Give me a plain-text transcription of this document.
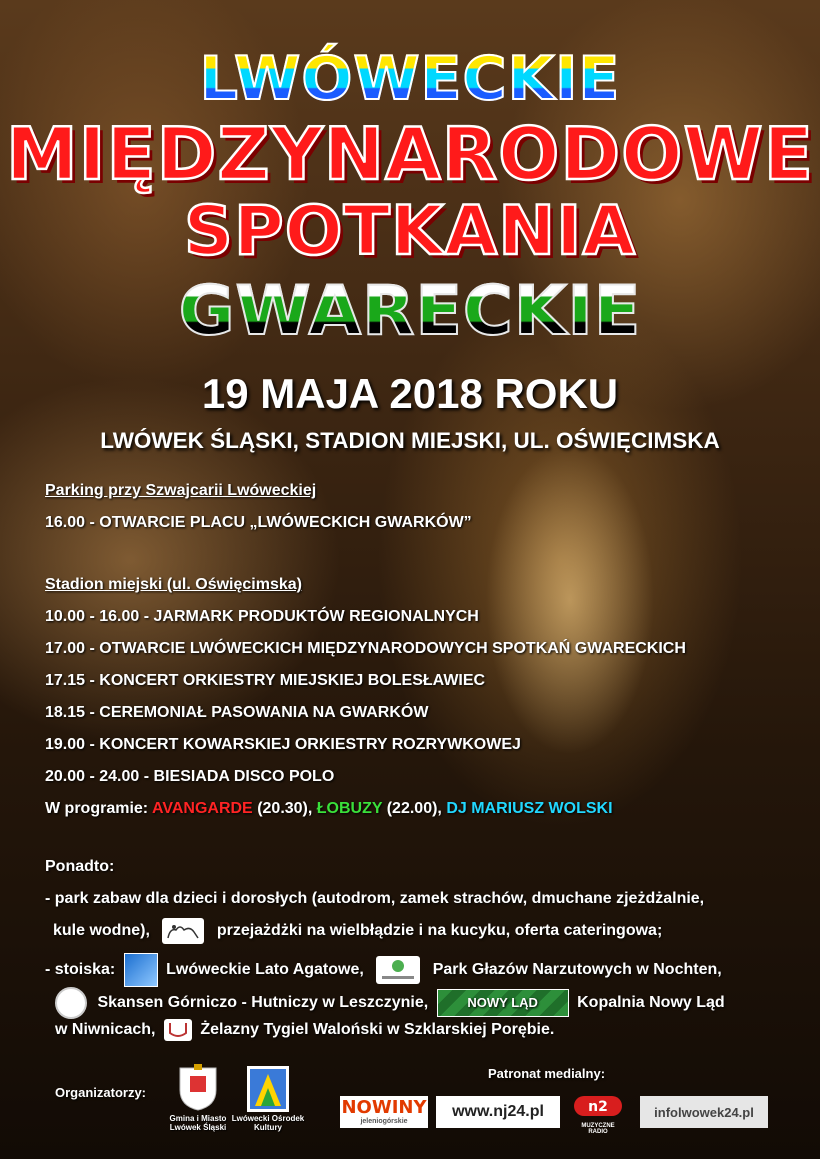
LWÓWECKIE
MIĘDZYNARODOWE
SPOTKANIA
GWARECKIE
19 MAJA 2018 ROKU
LWÓWEK ŚLĄSKI, STADION MIEJSKI, UL. OŚWIĘCIMSKA
Parking przy Szwajcarii Lwóweckiej
16.00 - OTWARCIE PLACU „LWÓWECKICH GWARKÓW”
Stadion miejski (ul. Oświęcimska)
10.00 - 16.00 - JARMARK PRODUKTÓW REGIONALNYCH
17.00 - OTWARCIE LWÓWECKICH MIĘDZYNARODOWYCH SPOTKAŃ GWARECKICH
17.15 - KONCERT ORKIESTRY MIEJSKIEJ BOLESŁAWIEC
18.15 - CEREMONIAŁ PASOWANIA NA GWARKÓW
19.00 - KONCERT KOWARSKIEJ ORKIESTRY ROZRYWKOWEJ
20.00 - 24.00 - BIESIADA DISCO POLO
W programie: AVANGARDE (20.30), ŁOBUZY (22.00), DJ MARIUSZ WOLSKI
Ponadto:
- park zabaw dla dzieci i dorosłych (autodrom, zamek strachów, dmuchane zjeżdżalnie,
kule wodne),	przejażdżki na wielbłądzie i na kucyku, oferta cateringowa;
- stoiska:	Lwóweckie Lato Agatowe,	Park Głazów Narzutowych w Nochten,
Skansen Górniczo - Hutniczy w Leszczynie,	NOWY LĄD Kopalnia Nowy Ląd
w Niwnicach,	Żelazny Tygiel Waloński w Szklarskiej Porębie.
Organizatorzy:
Gmina i Miasto Lwówek Śląski
Lwówecki Ośrodek Kultury
Patronat medialny:
NOWINY
jeleniogórskie
www.nj24.pl	n2
MUZYCZNE RADIO
infolwowek24.pl
